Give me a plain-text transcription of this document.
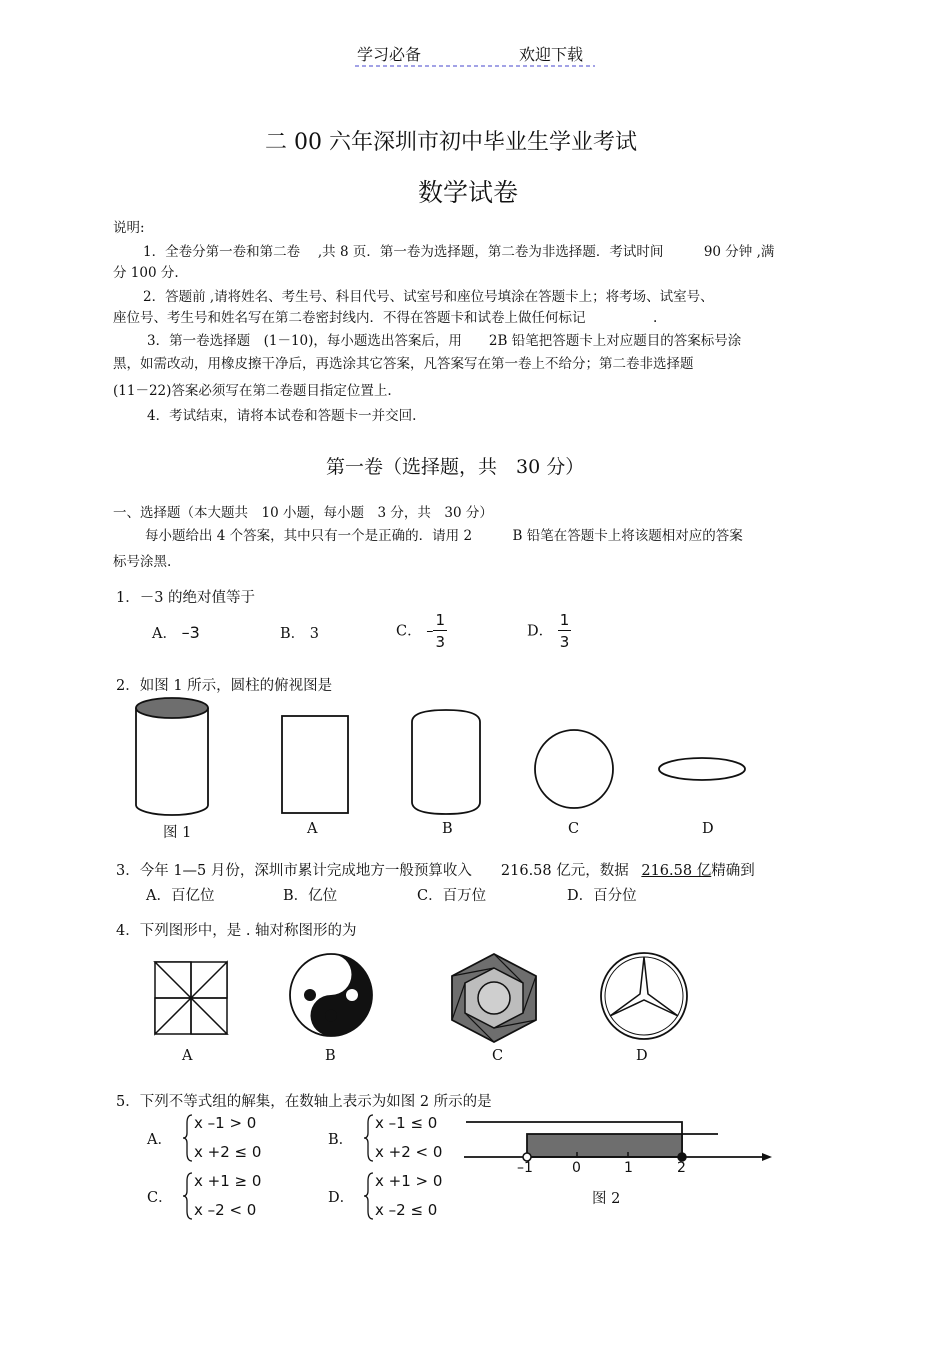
学习必备	欢迎下载
二 00 六年深圳市初中毕业生学业考试
数学试卷
说明:
1．全卷分第一卷和第二卷　 ,共 8 页．第一卷为选择题，第二卷为非选择题．考试时间　　　90 分钟 ,满
分 100 分.
2．答题前 ,请将姓名、考生号、科目代号、试室号和座位号填涂在答题卡上；将考场、试室号、
座位号、考生号和姓名写在第二卷密封线内．不得在答题卡和试卷上做任何标记　　　　　.
3．第一卷选择题　(1－10)，每小题选出答案后，用　　2B 铅笔把答题卡上对应题目的答案标号涂
黑，如需改动，用橡皮擦干净后，再选涂其它答案，凡答案写在第一卷上不给分；第二卷非选择题
(11－22)答案必须写在第二卷题目指定位置上.
4．考试结束，请将本试卷和答题卡一并交回.
第一卷（选择题，共　30 分）
一、选择题（本大题共　10 小题，每小题　3 分，共　30 分）
每小题给出 4 个答案，其中只有一个是正确的．请用 2　　　B 铅笔在答题卡上将该题相对应的答案
标号涂黑.
1．－3 的绝对值等于
A． –3	B． 3	C． – $\frac{1}{3}$	D． $\frac{1}{3}$
2．如图 1 所示，圆柱的俯视图是
图 1	A	B	C	D
3．今年 1—5 月份，深圳市累计完成地方一般预算收入　　216.58 亿元，数据 216.58 亿精确到
A．百亿位	B．亿位	C．百万位	D．百分位
4．下列图形中，是 . 轴对称图形的为
A	B	C	D
5．下列不等式组的解集，在数轴上表示为如图 2 所示的是
A．
x –1 > 0
x +2 ≤ 0
B．
x –1 ≤ 0
x +2 < 0
C．
x +1 ≥ 0
x –2 < 0
D．
x +1 > 0
x –2 ≤ 0
–1	0	1	2
图 2
